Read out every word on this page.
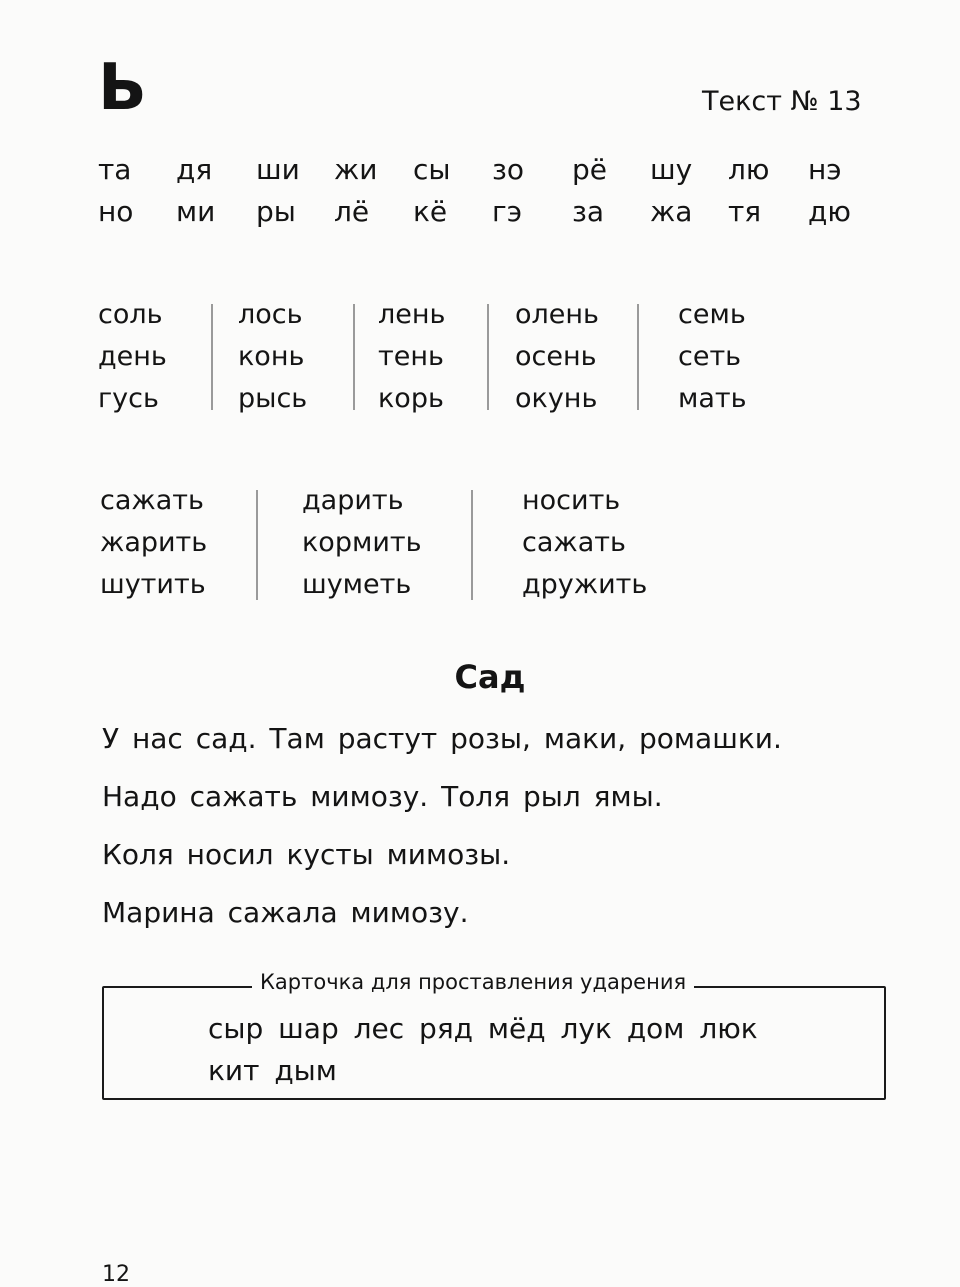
Ь	Текст № 13
та дя ши жи сы зо рё шу лю нэ
но ми ры лё кё гэ за жа тя дю
соль
день
гусь
лось
конь
рысь
лень
тень
корь
олень
осень
окунь
семь
сеть
мать
сажать
жарить
шутить
дарить
кормить
шуметь
носить
сажать
дружить
Сад
У нас сад. Там растут розы, маки, ромашки.
Надо сажать мимозу. Толя рыл ямы.
Коля носил кусты мимозы.
Марина сажала мимозу.
Карточка для проставления ударения
сыр шар лес ряд мёд лук дом люк
кит дым
12
